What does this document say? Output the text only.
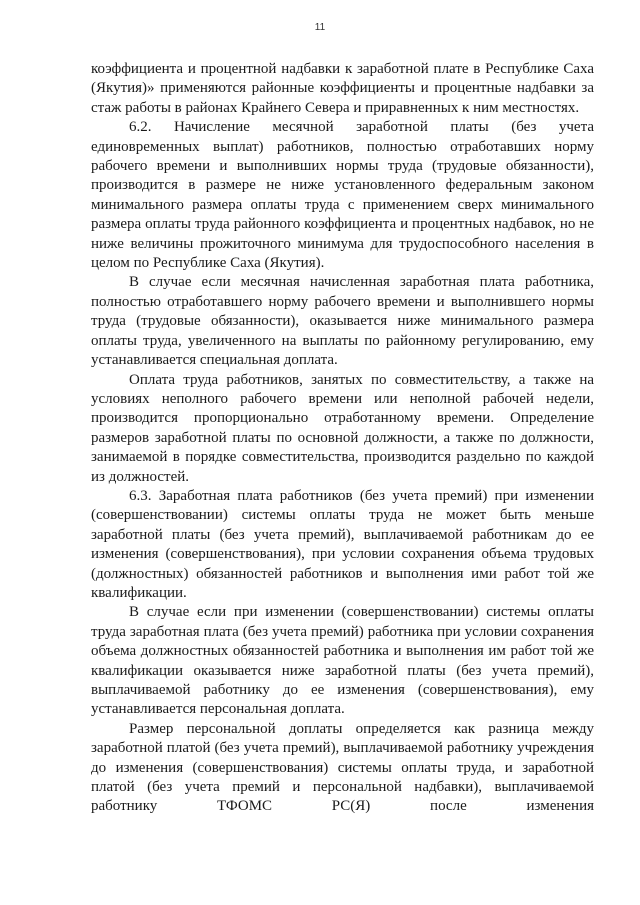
11

коэффициента и процентной надбавки к заработной плате в Республике Саха (Якутия)» применяются районные коэффициенты и процентные надбавки за стаж работы в районах Крайнего Севера и приравненных к ним местностях.

6.2. Начисление месячной заработной платы (без учета единовременных выплат) работников, полностью отработавших норму рабочего времени и выполнивших нормы труда (трудовые обязанности), производится в размере не ниже установленного федеральным законом минимального размера оплаты труда с применением сверх минимального размера оплаты труда районного коэффициента и процентных надбавок, но не ниже величины прожиточного минимума для трудоспособного населения в целом по Республике Саха (Якутия).

В случае если месячная начисленная заработная плата работника, полностью отработавшего норму рабочего времени и выполнившего нормы труда (трудовые обязанности), оказывается ниже минимального размера оплаты труда, увеличенного на выплаты по районному регулированию, ему устанавливается специальная доплата.

Оплата труда работников, занятых по совместительству, а также на условиях неполного рабочего времени или неполной рабочей недели, производится пропорционально отработанному времени. Определение размеров заработной платы по основной должности, а также по должности, занимаемой в порядке совместительства, производится раздельно по каждой из должностей.

6.3. Заработная плата работников (без учета премий) при изменении (совершенствовании) системы оплаты труда не может быть меньше заработной платы (без учета премий), выплачиваемой работникам до ее изменения (совершенствования), при условии сохранения объема трудовых (должностных) обязанностей работников и выполнения ими работ той же квалификации.

В случае если при изменении (совершенствовании) системы оплаты труда заработная плата (без учета премий) работника при условии сохранения объема должностных обязанностей работника и выполнения им работ той же квалификации оказывается ниже заработной платы (без учета премий), выплачиваемой работнику до ее изменения (совершенствования), ему устанавливается персональная доплата.

Размер персональной доплаты определяется как разница между заработной платой (без учета премий), выплачиваемой работнику учреждения до изменения (совершенствования) системы оплаты труда, и заработной платой (без учета премий и персональной надбавки), выплачиваемой работнику ТФОМС РС(Я) после изменения
